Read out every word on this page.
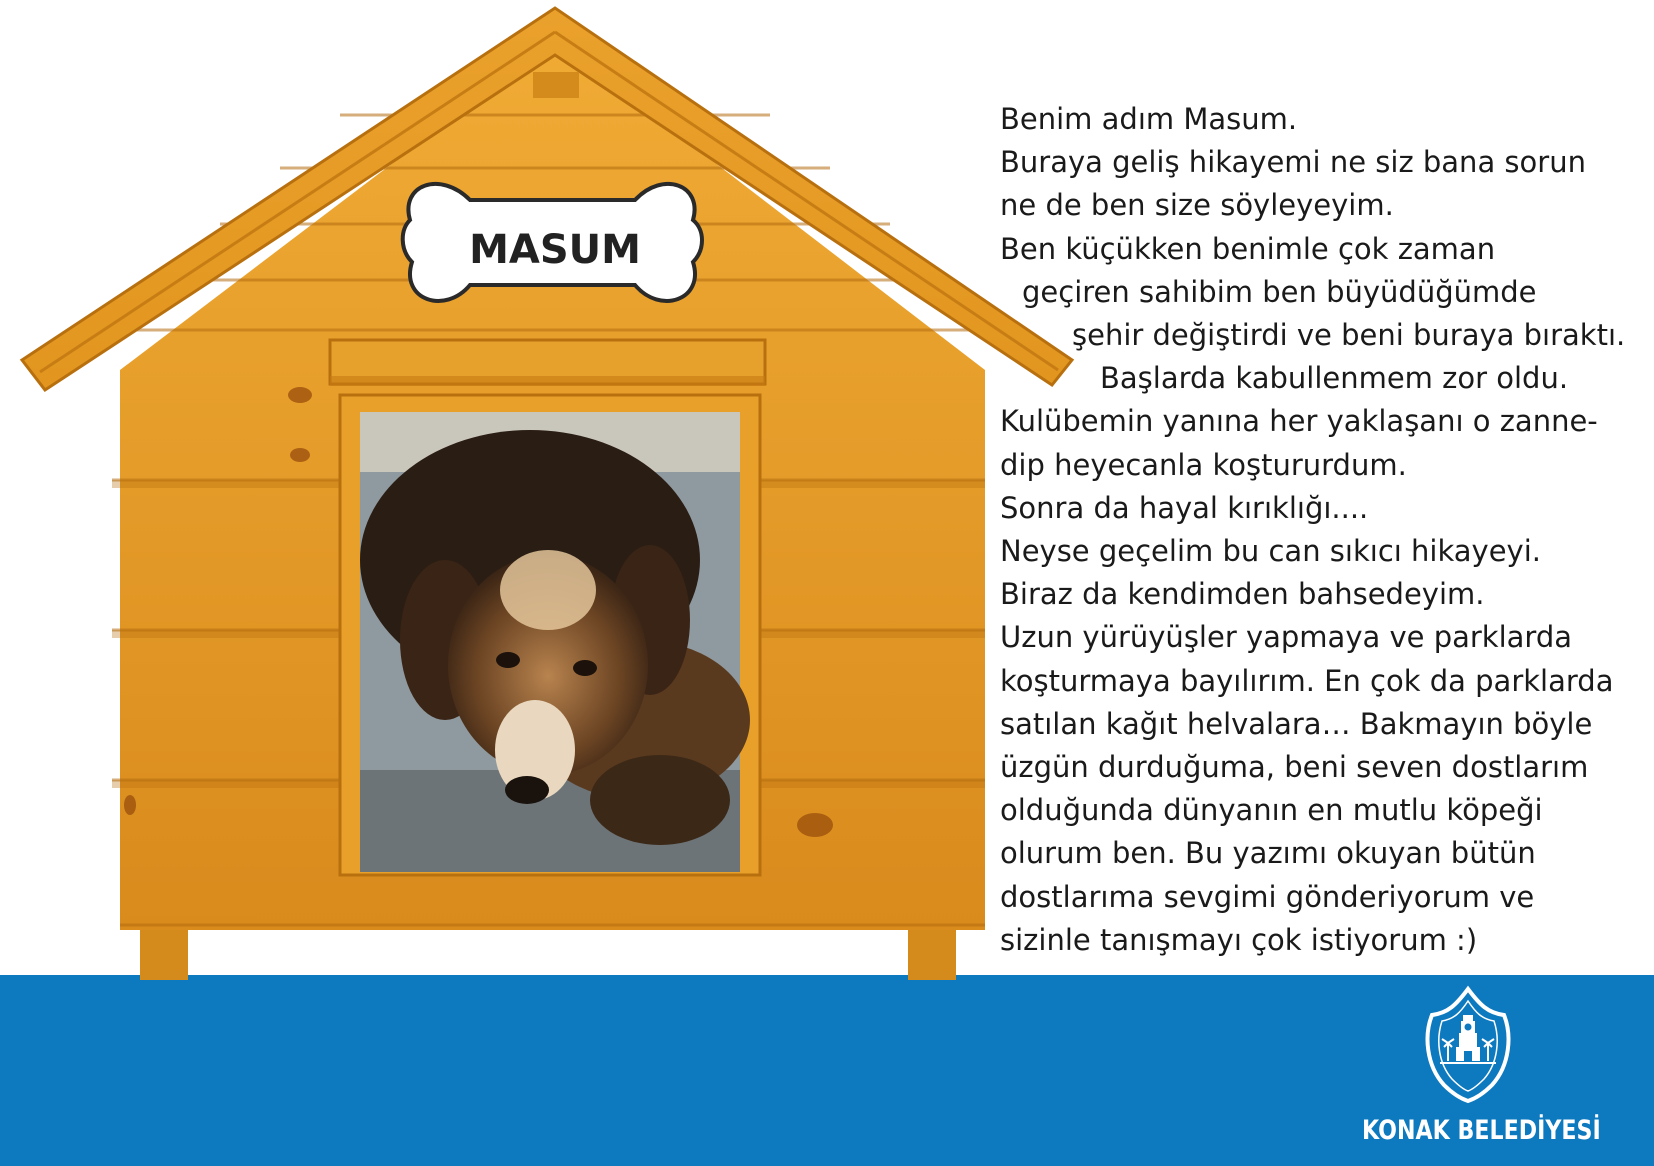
MASUM
Benim adım Masum.
Buraya geliş hikayemi ne siz bana sorun
ne de ben size söyleyeyim.
Ben küçükken benimle çok zaman
geçiren sahibim ben büyüdüğümde
şehir değiştirdi ve beni buraya bıraktı.
Başlarda kabullenmem zor oldu.
Kulübemin yanına her yaklaşanı o zanne-
dip heyecanla koştururdum.
Sonra da hayal kırıklığı....
Neyse geçelim bu can sıkıcı hikayeyi.
Biraz da kendimden bahsedeyim.
Uzun yürüyüşler yapmaya ve parklarda
koşturmaya bayılırım. En çok da parklarda
satılan kağıt helvalara… Bakmayın böyle
üzgün durduğuma, beni seven dostlarım
olduğunda dünyanın en mutlu köpeği
olurum ben. Bu yazımı okuyan bütün
dostlarıma sevgimi gönderiyorum ve
sizinle tanışmayı çok istiyorum :)
KONAK BELEDİYESİ
